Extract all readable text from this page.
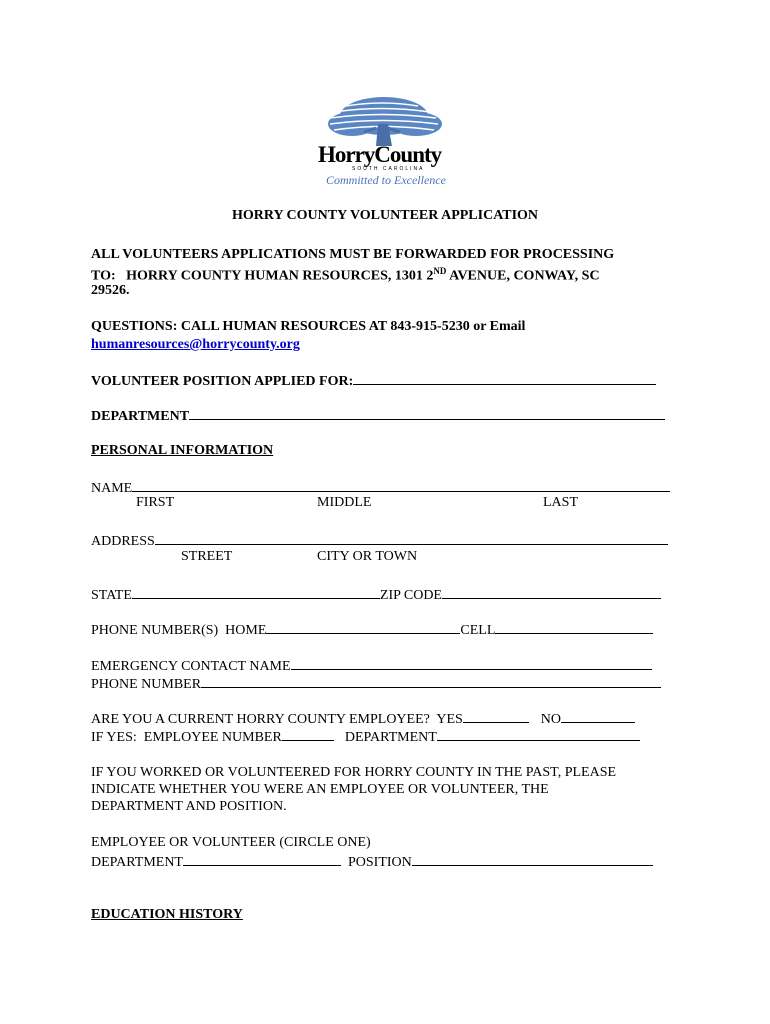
HorryCounty
SOUTH CAROLINA
Committed to Excellence
HORRY COUNTY VOLUNTEER APPLICATION
ALL VOLUNTEERS APPLICATIONS MUST BE FORWARDED FOR PROCESSING
TO:   HORRY COUNTY HUMAN RESOURCES, 1301 2ND AVENUE, CONWAY, SC
29526.
QUESTIONS: CALL HUMAN RESOURCES AT 843-915-5230 or Email
humanresources@horrycounty.org
VOLUNTEER POSITION APPLIED FOR:
DEPARTMENT
PERSONAL INFORMATION
NAME
FIRST	MIDDLE	LAST
ADDRESS
STREET	CITY OR TOWN
STATE	ZIP CODE
PHONE NUMBER(S)  HOME	CELL
EMERGENCY CONTACT NAME
PHONE NUMBER
ARE YOU A CURRENT HORRY COUNTY EMPLOYEE?  YES	NO
IF YES:  EMPLOYEE NUMBER	DEPARTMENT
IF YOU WORKED OR VOLUNTEERED FOR HORRY COUNTY IN THE PAST, PLEASE
INDICATE WHETHER YOU WERE AN EMPLOYEE OR VOLUNTEER, THE
DEPARTMENT AND POSITION.
EMPLOYEE OR VOLUNTEER (CIRCLE ONE)
DEPARTMENT	POSITION
EDUCATION HISTORY
